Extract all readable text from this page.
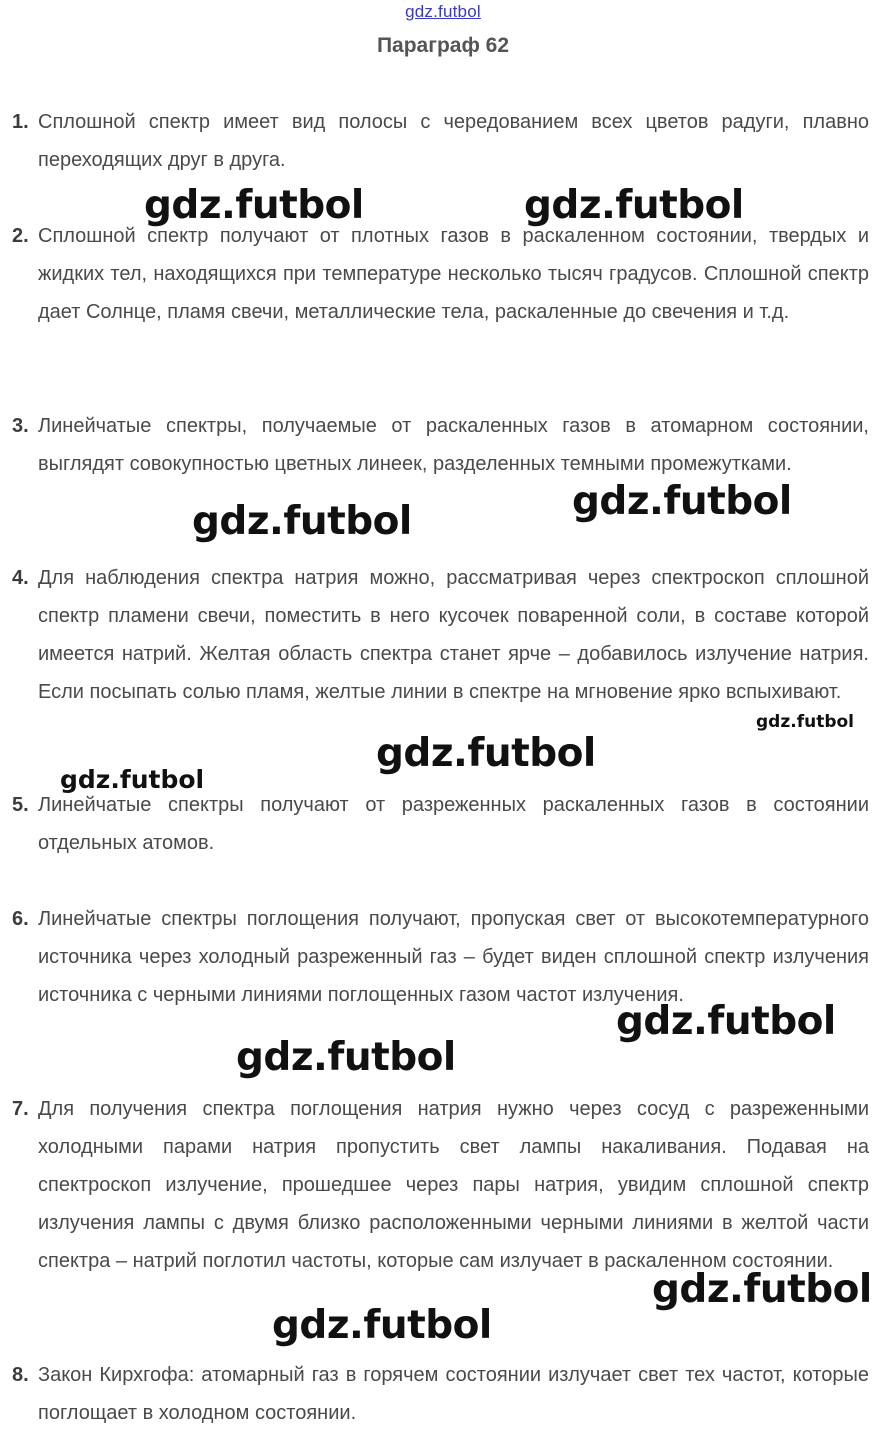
gdz.futbol
Параграф 62
1. Сплошной спектр имеет вид полосы с чередованием всех цветов радуги, плавно переходящих друг в друга.
2. Сплошной спектр получают от плотных газов в раскаленном состоянии, твердых и жидких тел, находящихся при температуре несколько тысяч градусов. Сплошной спектр дает Солнце, пламя свечи, металлические тела, раскаленные до свечения и т.д.
3. Линейчатые спектры, получаемые от раскаленных газов в атомарном состоянии, выглядят совокупностью цветных линеек, разделенных темными промежутками.
4. Для наблюдения спектра натрия можно, рассматривая через спектроскоп сплошной спектр пламени свечи, поместить в него кусочек поваренной соли, в составе которой имеется натрий. Желтая область спектра станет ярче – добавилось излучение натрия. Если посыпать солью пламя, желтые линии в спектре на мгновение ярко вспыхивают.
5. Линейчатые спектры получают от разреженных раскаленных газов в состоянии отдельных атомов.
6. Линейчатые спектры поглощения получают, пропуская свет от высокотемпературного источника через холодный разреженный газ – будет виден сплошной спектр излучения источника с черными линиями поглощенных газом частот излучения.
7. Для получения спектра поглощения натрия нужно через сосуд с разреженными холодными парами натрия пропустить свет лампы накаливания. Подавая на спектроскоп излучение, прошедшее через пары натрия, увидим сплошной спектр излучения лампы с двумя близко расположенными черными линиями в желтой части спектра – натрий поглотил частоты, которые сам излучает в раскаленном состоянии.
8. Закон Кирхгофа: атомарный газ в горячем состоянии излучает свет тех частот, которые поглощает в холодном состоянии.
gdz.futbol	gdz.futbol
gdz.futbol
gdz.futbol
gdz.futbol
gdz.futbol
gdz.futbol
gdz.futbol
gdz.futbol
gdz.futbol
gdz.futbol
